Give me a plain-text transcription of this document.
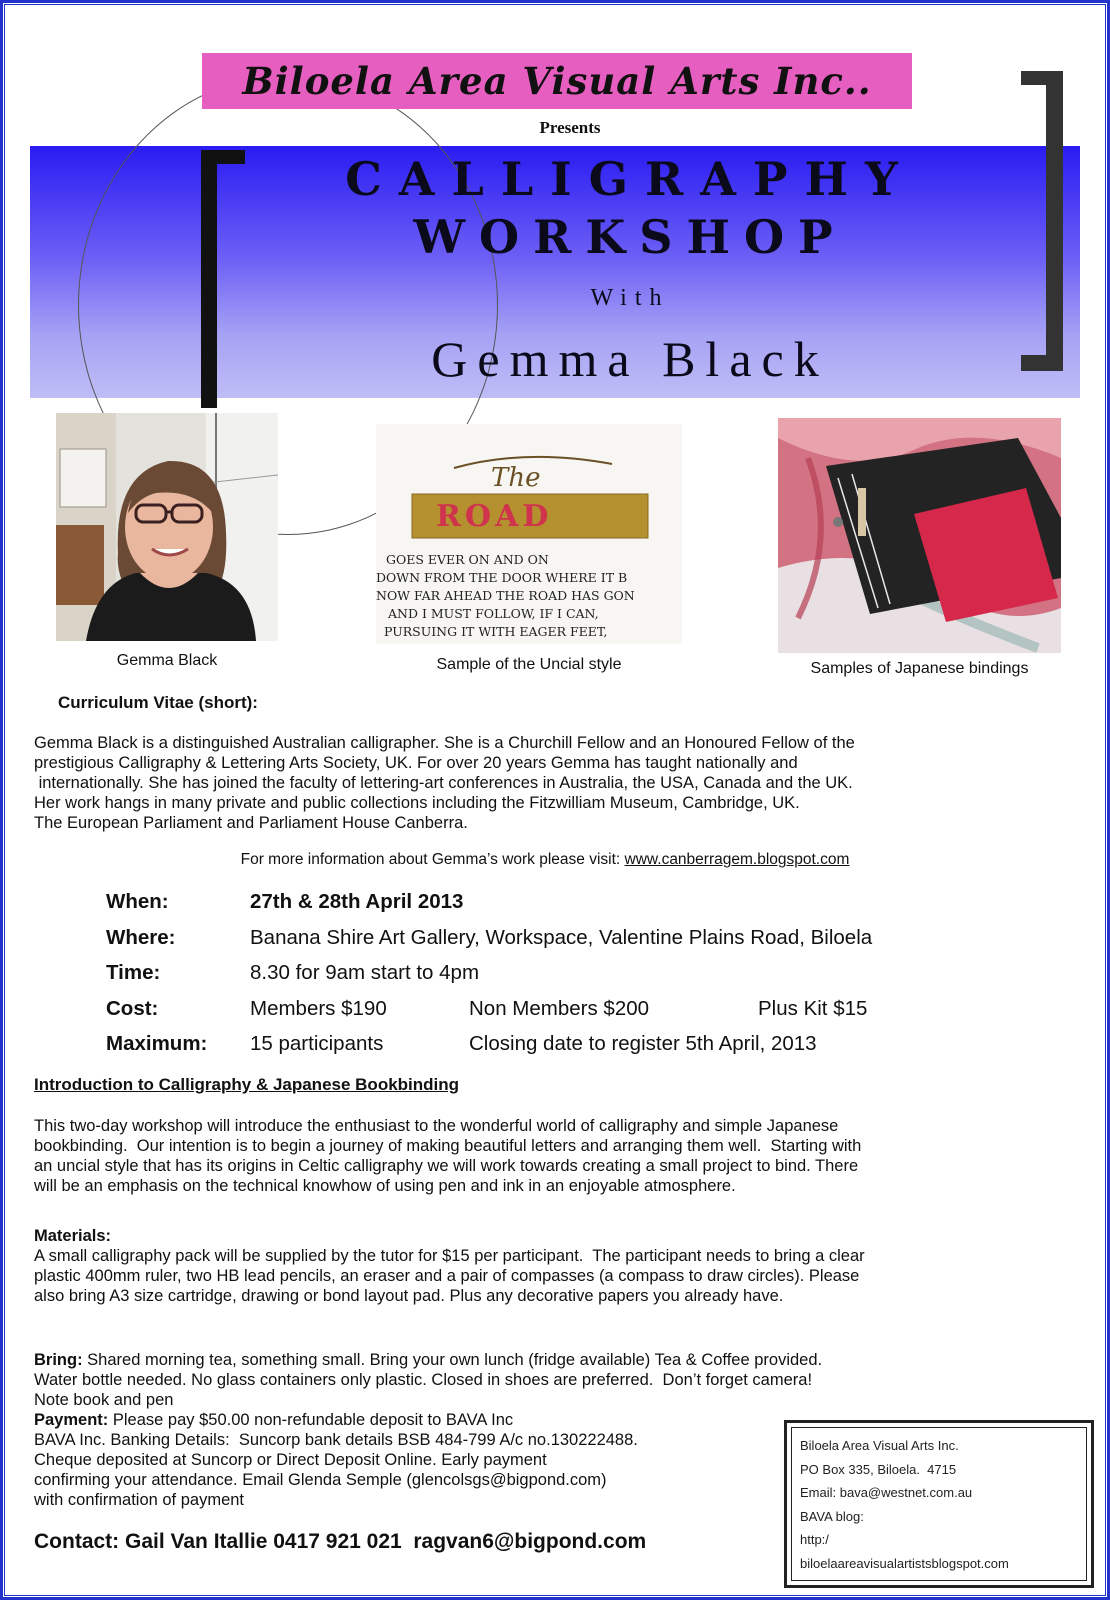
Biloela Area Visual Arts Inc..
Presents
CALLIGRAPHY
WORKSHOP
With
Gemma Black
GOES EVER ON AND ON
DOWN FROM THE DOOR WHERE IT B
NOW FAR AHEAD THE ROAD HAS GON
AND I MUST FOLLOW, IF I CAN,
PURSUING IT WITH EAGER FEET,
The
ROAD
Gemma Black	Sample of the Uncial style	Samples of Japanese bindings
Curriculum Vitae (short):
Gemma Black is a distinguished Australian calligrapher. She is a Churchill Fellow and an Honoured Fellow of the
prestigious Calligraphy & Lettering Arts Society, UK. For over 20 years Gemma has taught nationally and
internationally. She has joined the faculty of lettering-art conferences in Australia, the USA, Canada and the UK.
Her work hangs in many private and public collections including the Fitzwilliam Museum, Cambridge, UK.
The European Parliament and Parliament House Canberra.
For more information about Gemma’s work please visit: www.canberragem.blogspot.com
When:	27th & 28th April 2013
Where:	Banana Shire Art Gallery, Workspace, Valentine Plains Road, Biloela
Time:	8.30 for 9am start to 4pm
Cost:	Members $190	Non Members $200	Plus Kit $15
Maximum: 15 participants	Closing date to register 5th April, 2013
Introduction to Calligraphy & Japanese Bookbinding
This two-day workshop will introduce the enthusiast to the wonderful world of calligraphy and simple Japanese
bookbinding.  Our intention is to begin a journey of making beautiful letters and arranging them well.  Starting with
an uncial style that has its origins in Celtic calligraphy we will work towards creating a small project to bind. There
will be an emphasis on the technical knowhow of using pen and ink in an enjoyable atmosphere.
Materials:
A small calligraphy pack will be supplied by the tutor for $15 per participant.  The participant needs to bring a clear
plastic 400mm ruler, two HB lead pencils, an eraser and a pair of compasses (a compass to draw circles). Please
also bring A3 size cartridge, drawing or bond layout pad. Plus any decorative papers you already have.
Bring: Shared morning tea, something small. Bring your own lunch (fridge available) Tea & Coffee provided.
Water bottle needed. No glass containers only plastic. Closed in shoes are preferred.  Don’t forget camera!
Note book and pen
Payment: Please pay $50.00 non-refundable deposit to BAVA Inc
BAVA Inc. Banking Details:  Suncorp bank details BSB 484-799 A/c no.130222488.
Cheque deposited at Suncorp or Direct Deposit Online. Early payment
confirming your attendance. Email Glenda Semple (glencolsgs@bigpond.com)
with confirmation of payment
Contact: Gail Van Itallie 0417 921 021  ragvan6@bigpond.com
Biloela Area Visual Arts Inc.
PO Box 335, Biloela.  4715
Email: bava@westnet.com.au
BAVA blog:
http:/
biloelaareavisualartistsblogspot.com
